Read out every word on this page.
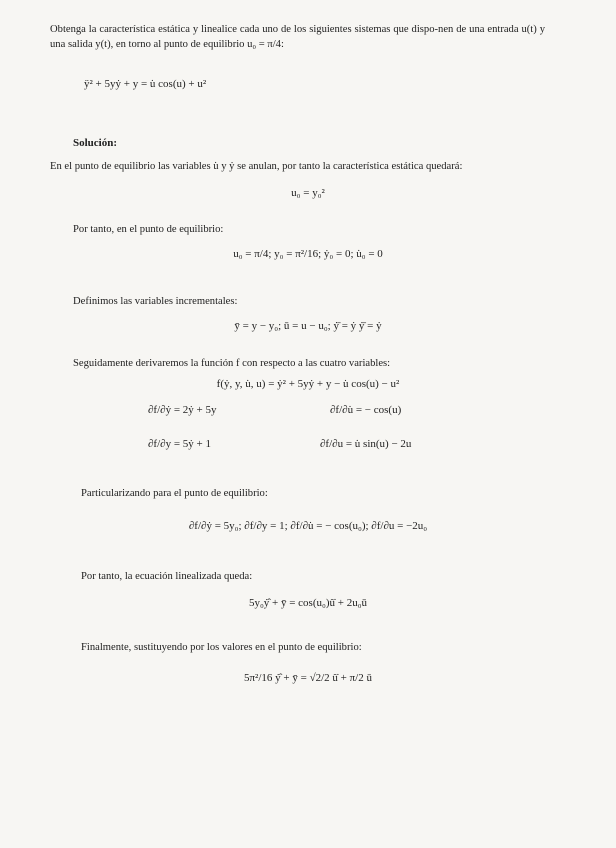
Obtenga la característica estática y linealice cada uno de los siguientes sistemas que dispo-nen de una entrada u(t) y una salida y(t), en torno al punto de equilibrio u₀ = π/4:
ÿ² + 5yẏ + y = u̇ cos(u) + u²
Solución:
En el punto de equilibrio las variables u̇ y ẏ se anulan, por tanto la característica estática quedará:
u₀ = y₀²
Por tanto, en el punto de equilibrio:
u₀ = π/4; y₀ = π²/16; ẏ₀ = 0; u̇₀ = 0
Definimos las variables incrementales:
ȳ = y − y₀; ū = u − u₀; ẏ̄ = ẏ ẏ̄ = ẏ
Seguidamente derivaremos la función f con respecto a las cuatro variables:
f(ẏ, y, u̇, u) = ẏ² + 5yẏ + y − u̇ cos(u) − u²
∂f/∂ẏ = 2ẏ + 5y	∂f/∂u̇ = − cos(u)
∂f/∂y = 5ẏ + 1	∂f/∂u = u̇ sin(u) − 2u
Particularizando para el punto de equilibrio:
∂f/∂ẏ = 5y₀; ∂f/∂y = 1; ∂f/∂u̇ = − cos(u₀); ∂f/∂u = −2u₀
Por tanto, la ecuación linealizada queda:
5y₀ẏ̂ + ȳ = cos(u₀)û̇ + 2u₀ū
Finalmente, sustituyendo por los valores en el punto de equilibrio:
5π²/16 ẏ̂ + ȳ = √2/2 û̇ + π/2 ū
